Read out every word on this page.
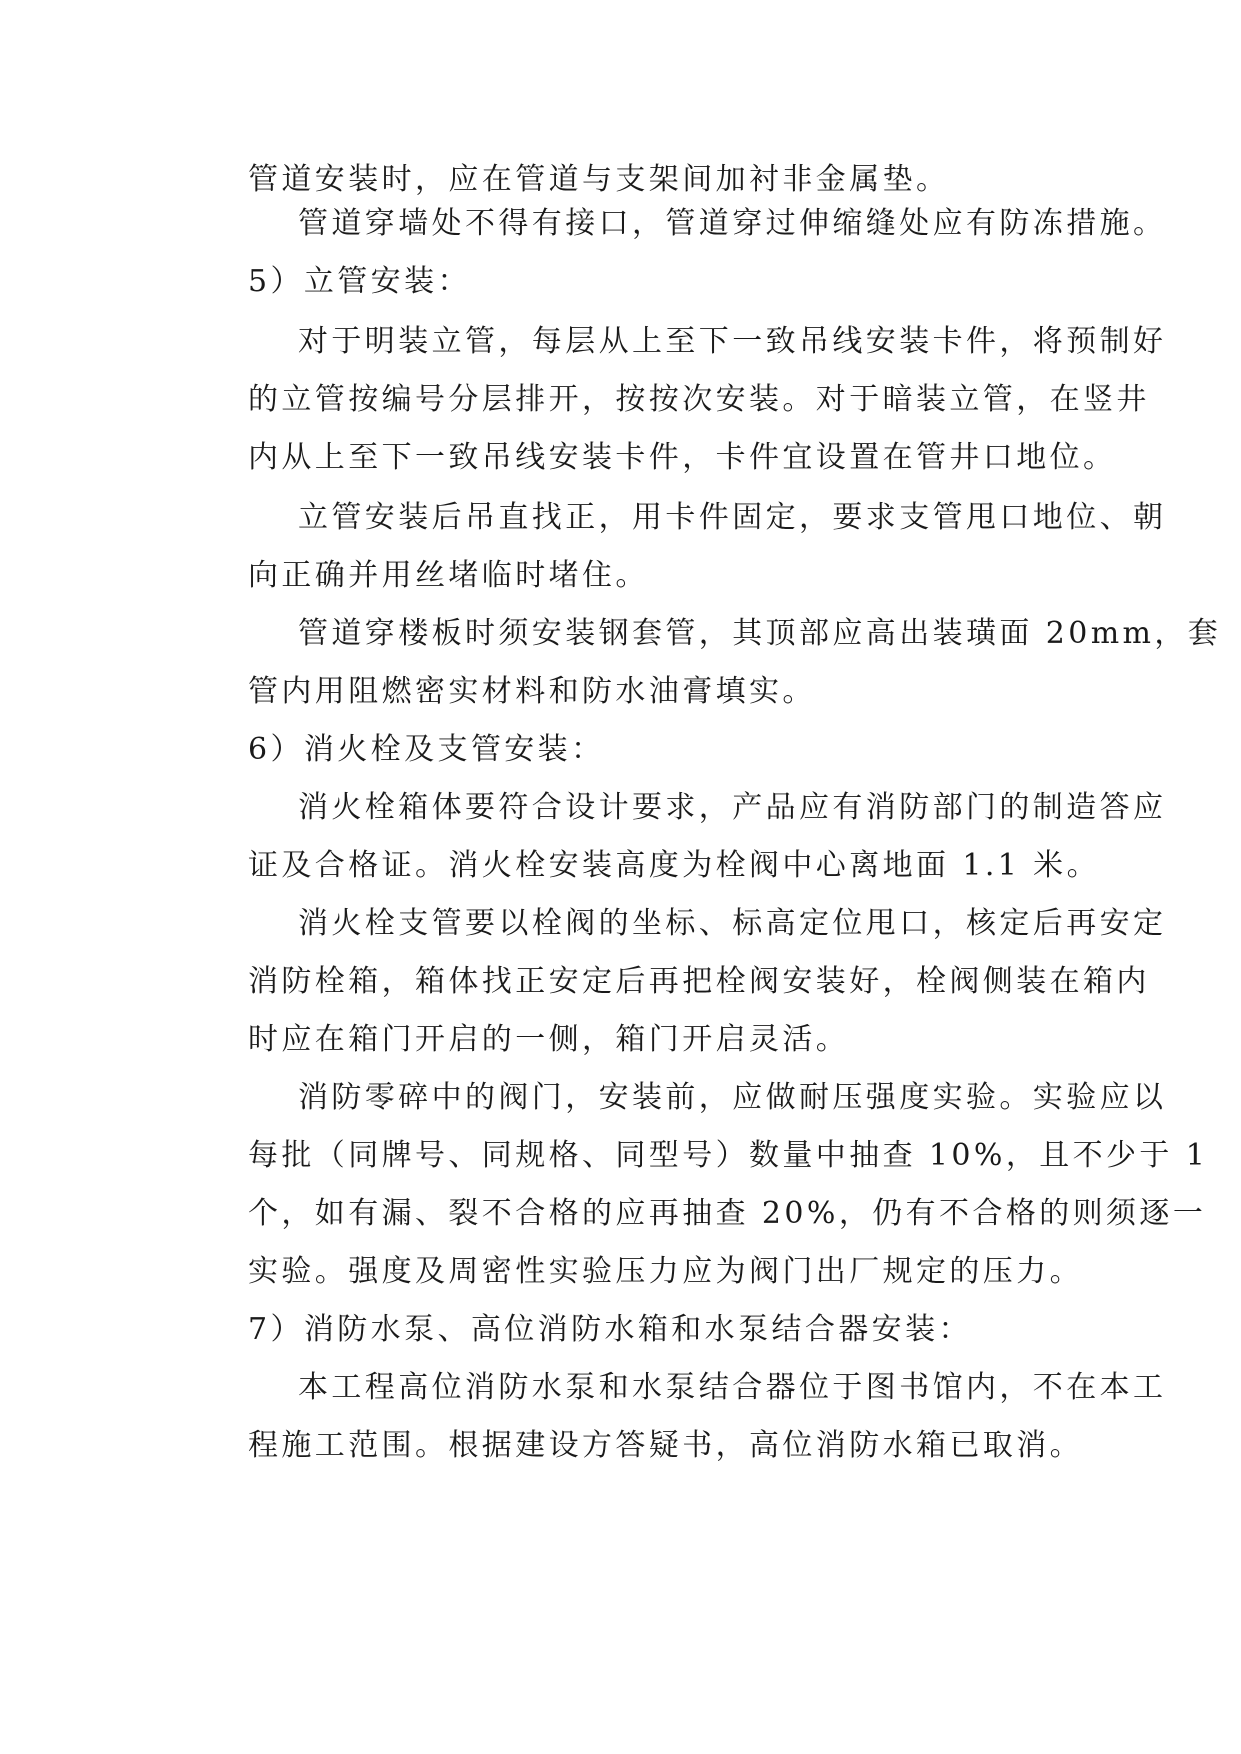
管道安装时，应在管道与支架间加衬非金属垫。
管道穿墙处不得有接口，管道穿过伸缩缝处应有防冻措施。
5）立管安装：
对于明装立管，每层从上至下一致吊线安装卡件，将预制好
的立管按编号分层排开，按按次安装。对于暗装立管，在竖井
内从上至下一致吊线安装卡件，卡件宜设置在管井口地位。
立管安装后吊直找正，用卡件固定，要求支管甩口地位、朝
向正确并用丝堵临时堵住。
管道穿楼板时须安装钢套管，其顶部应高出装璜面 20mm，套
管内用阻燃密实材料和防水油膏填实。
6）消火栓及支管安装：
消火栓箱体要符合设计要求，产品应有消防部门的制造答应
证及合格证。消火栓安装高度为栓阀中心离地面 1.1 米。
消火栓支管要以栓阀的坐标、标高定位甩口，核定后再安定
消防栓箱，箱体找正安定后再把栓阀安装好，栓阀侧装在箱内
时应在箱门开启的一侧，箱门开启灵活。
消防零碎中的阀门，安装前，应做耐压强度实验。实验应以
每批（同牌号、同规格、同型号）数量中抽查 10%，且不少于 1
个，如有漏、裂不合格的应再抽查 20%，仍有不合格的则须逐一
实验。强度及周密性实验压力应为阀门出厂规定的压力。
7）消防水泵、高位消防水箱和水泵结合器安装：
本工程高位消防水泵和水泵结合器位于图书馆内，不在本工
程施工范围。根据建设方答疑书，高位消防水箱已取消。
